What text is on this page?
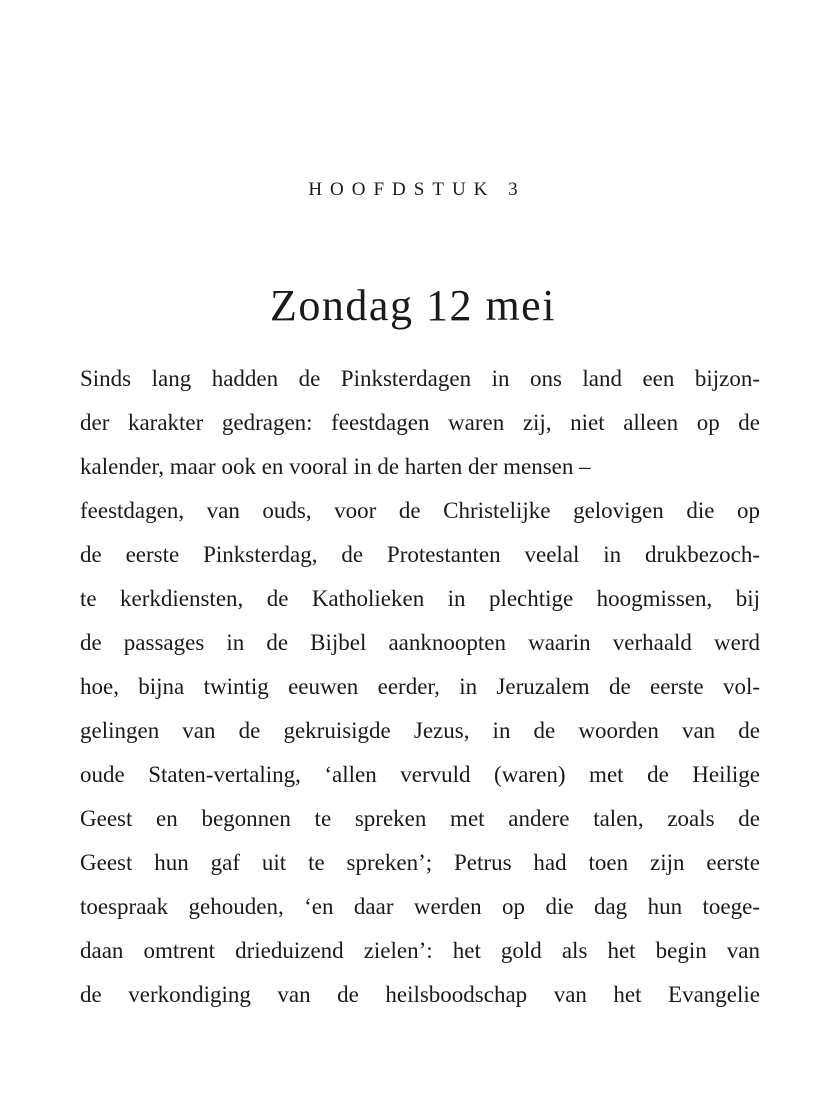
HOOFDSTUK 3
Zondag 12 mei

Sinds lang hadden de Pinksterdagen in ons land een bijzon-
der karakter gedragen: feestdagen waren zij, niet alleen op de
kalender, maar ook en vooral in de harten der mensen –
feestdagen, van ouds, voor de Christelijke gelovigen die op
de eerste Pinksterdag, de Protestanten veelal in drukbezoch-
te kerkdiensten, de Katholieken in plechtige hoogmissen, bij
de passages in de Bijbel aanknoopten waarin verhaald werd
hoe, bijna twintig eeuwen eerder, in Jeruzalem de eerste vol-
gelingen van de gekruisigde Jezus, in de woorden van de
oude Staten-vertaling, ‘allen vervuld (waren) met de Heilige
Geest en begonnen te spreken met andere talen, zoals de
Geest hun gaf uit te spreken’; Petrus had toen zijn eerste
toespraak gehouden, ‘en daar werden op die dag hun toege-
daan omtrent drieduizend zielen’: het gold als het begin van
de verkondiging van de heilsboodschap van het Evangelie
